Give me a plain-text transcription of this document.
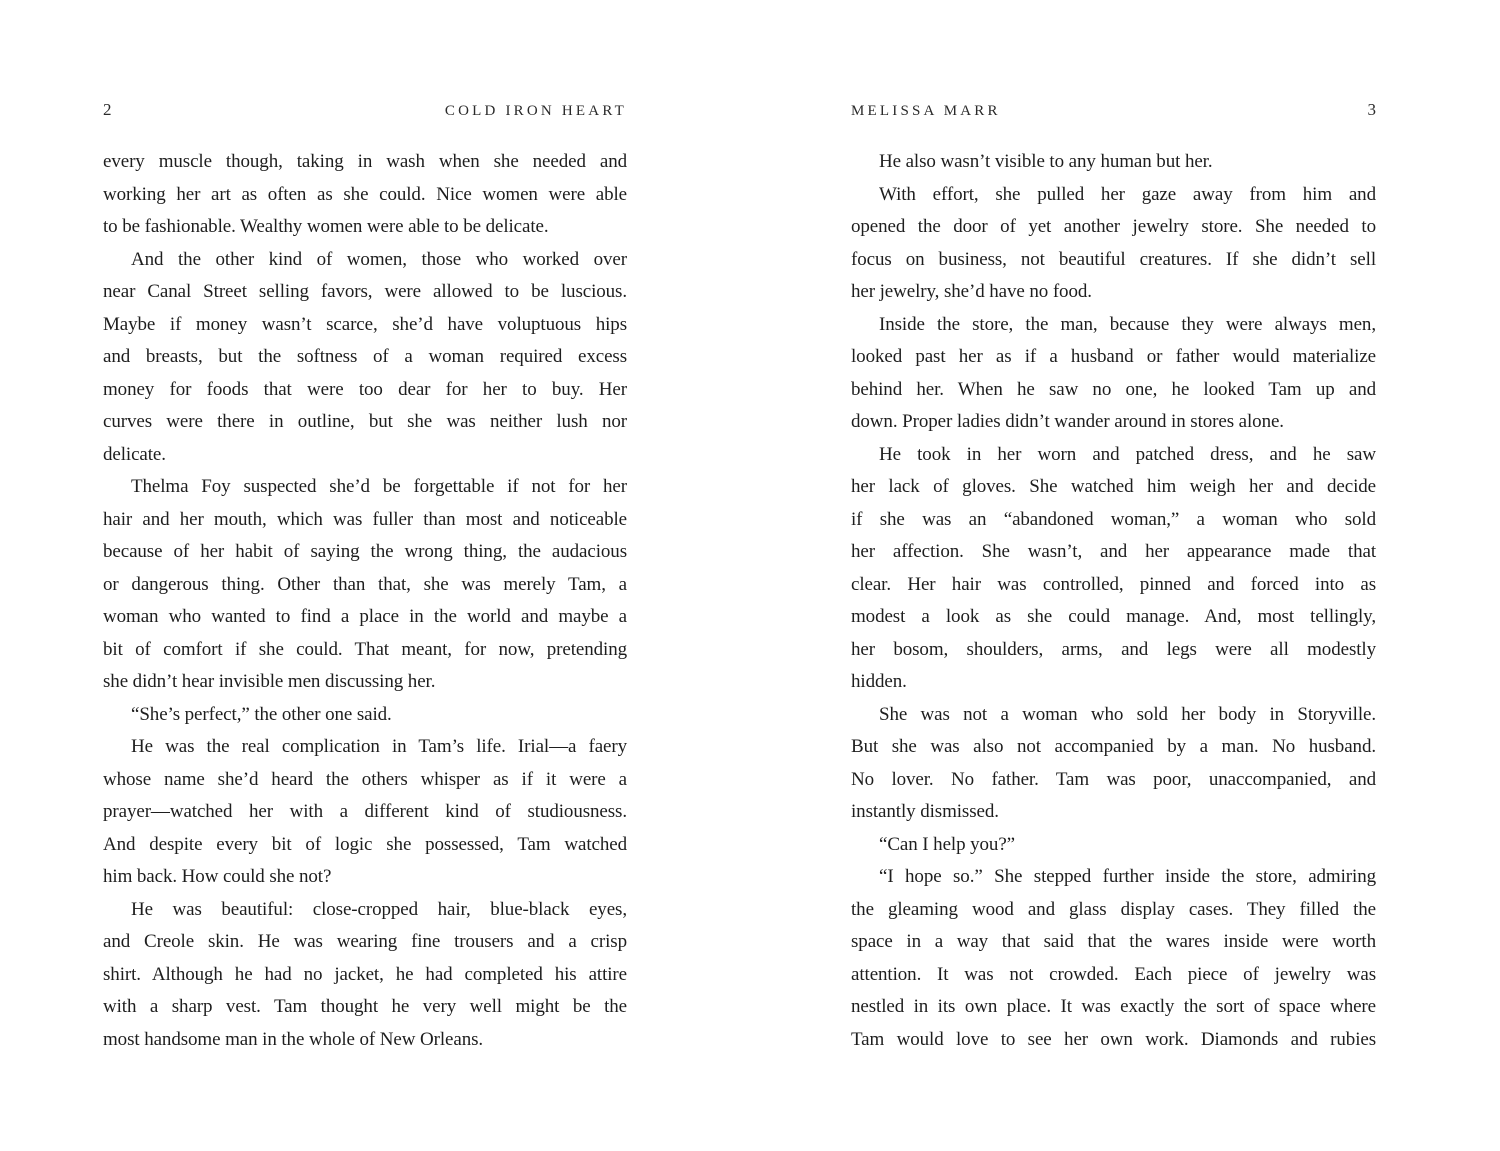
2	COLD IRON HEART
every muscle though, taking in wash when she needed and
working her art as often as she could. Nice women were able
to be fashionable. Wealthy women were able to be delicate.
And the other kind of women, those who worked over
near Canal Street selling favors, were allowed to be luscious.
Maybe if money wasn’t scarce, she’d have voluptuous hips
and breasts, but the softness of a woman required excess
money for foods that were too dear for her to buy. Her
curves were there in outline, but she was neither lush nor
delicate.
Thelma Foy suspected she’d be forgettable if not for her
hair and her mouth, which was fuller than most and noticeable
because of her habit of saying the wrong thing, the audacious
or dangerous thing. Other than that, she was merely Tam, a
woman who wanted to find a place in the world and maybe a
bit of comfort if she could. That meant, for now, pretending
she didn’t hear invisible men discussing her.
“She’s perfect,” the other one said.
He was the real complication in Tam’s life. Irial—a faery
whose name she’d heard the others whisper as if it were a
prayer—watched her with a different kind of studiousness.
And despite every bit of logic she possessed, Tam watched
him back. How could she not?
He was beautiful: close-cropped hair, blue-black eyes,
and Creole skin. He was wearing fine trousers and a crisp
shirt. Although he had no jacket, he had completed his attire
with a sharp vest. Tam thought he very well might be the
most handsome man in the whole of New Orleans.
MELISSA MARR	3
He also wasn’t visible to any human but her.
With effort, she pulled her gaze away from him and
opened the door of yet another jewelry store. She needed to
focus on business, not beautiful creatures. If she didn’t sell
her jewelry, she’d have no food.
Inside the store, the man, because they were always men,
looked past her as if a husband or father would materialize
behind her. When he saw no one, he looked Tam up and
down. Proper ladies didn’t wander around in stores alone.
He took in her worn and patched dress, and he saw
her lack of gloves. She watched him weigh her and decide
if she was an “abandoned woman,” a woman who sold
her affection. She wasn’t, and her appearance made that
clear. Her hair was controlled, pinned and forced into as
modest a look as she could manage. And, most tellingly,
her bosom, shoulders, arms, and legs were all modestly
hidden.
She was not a woman who sold her body in Storyville.
But she was also not accompanied by a man. No husband.
No lover. No father. Tam was poor, unaccompanied, and
instantly dismissed.
“Can I help you?”
“I hope so.” She stepped further inside the store, admiring
the gleaming wood and glass display cases. They filled the
space in a way that said that the wares inside were worth
attention. It was not crowded. Each piece of jewelry was
nestled in its own place. It was exactly the sort of space where
Tam would love to see her own work. Diamonds and rubies
